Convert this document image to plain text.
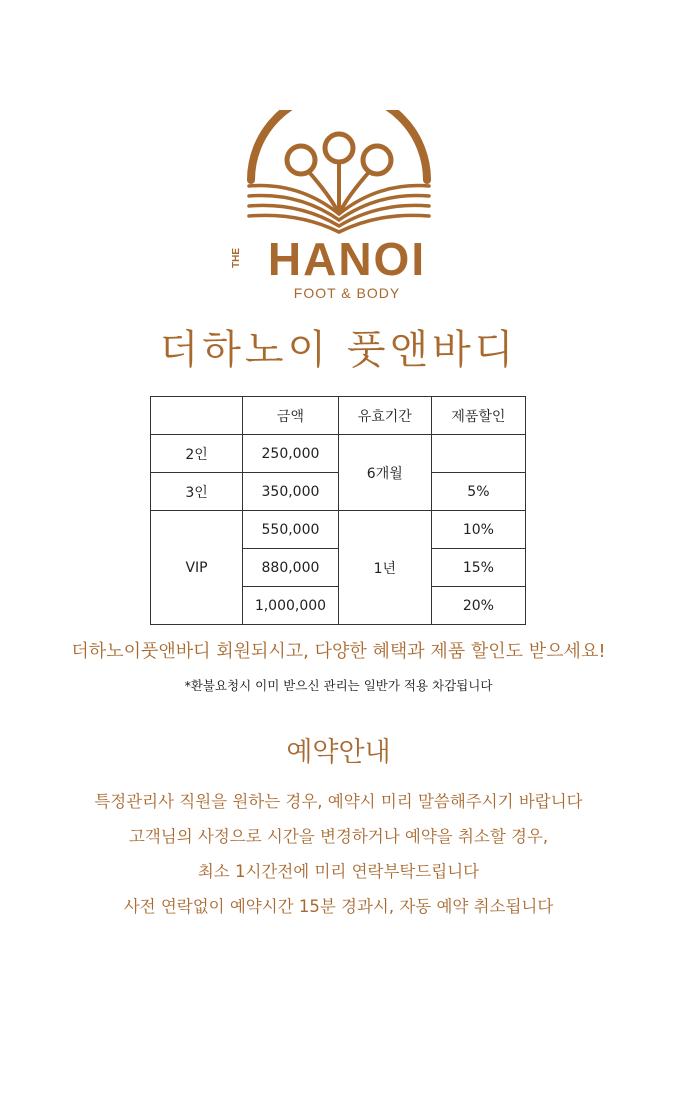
THE HANOI
FOOT & BODY
더하노이 풋앤바디
	금액	유효기간	제품할인
2인	250,000	6개월	
3인	350,000		5%
VIP	550,000	1년	10%
	880,000		15%
	1,000,000		20%
더하노이풋앤바디 회원되시고, 다양한 혜택과 제품 할인도 받으세요!
*환불요청시 이미 받으신 관리는 일반가 적용 차감됩니다
예약안내
특정관리사 직원을 원하는 경우, 예약시 미리 말씀해주시기 바랍니다
고객님의 사정으로 시간을 변경하거나 예약을 취소할 경우,
최소 1시간전에 미리 연락부탁드립니다
사전 연락없이 예약시간 15분 경과시, 자동 예약 취소됩니다
